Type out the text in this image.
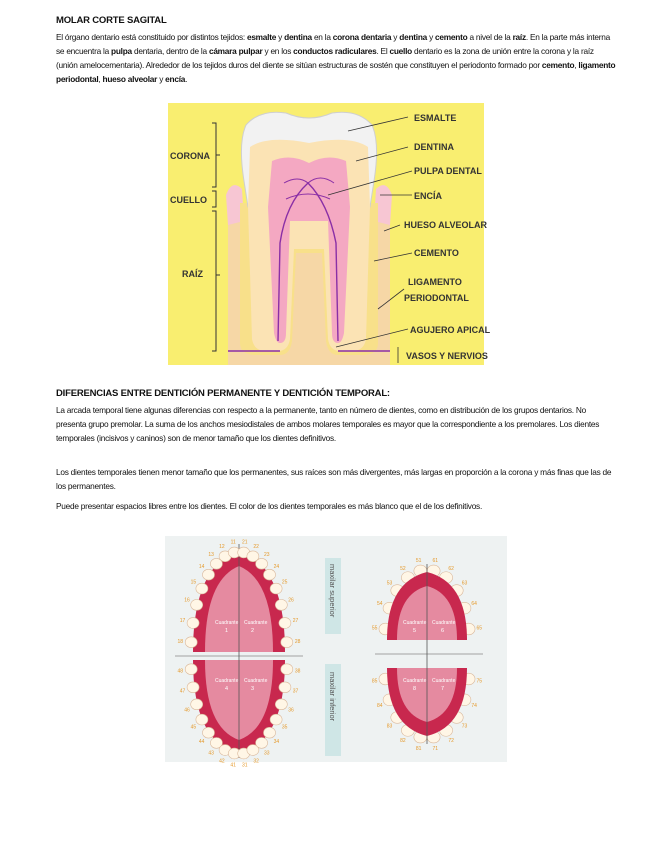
MOLAR CORTE SAGITAL
El órgano dentario está constituido por distintos tejidos: esmalte y dentina en la corona dentaria y dentina y cemento a nivel de la raíz. En la parte más interna se encuentra la pulpa dentaria, dentro de la cámara pulpar y en los conductos radiculares. El cuello dentario es la zona de unión entre la corona y la raíz (unión amelocementaria). Alrededor de los tejidos duros del diente se sitúan estructuras de sostén que constituyen el periodonto formado por cemento, ligamento periodontal, hueso alveolar y encía.
CORONA
CUELLO
RAÍZ
ESMALTE
DENTINA
PULPA DENTAL
ENCÍA
HUESO ALVEOLAR
CEMENTO
LIGAMENTO
PERIODONTAL
AGUJERO APICAL
VASOS Y NERVIOS
DIFERENCIAS ENTRE DENTICIÓN PERMANENTE Y DENTICIÓN TEMPORAL:
La arcada temporal tiene algunas diferencias con respecto a la permanente, tanto en número de dientes, como en distribución de los grupos dentarios. No presenta grupo premolar. La suma de los anchos mesiodistales de ambos molares temporales es mayor que la correspondiente a los premolares. Los dientes temporales (incisivos y caninos) son de menor tamaño que los dientes definitivos.
Los dientes temporales tienen menor tamaño que los permanentes, sus raíces son más divergentes, más largas en proporción a la corona y más finas que las de los permanentes.
Puede presentar espacios libres entre los dientes. El color de los dientes temporales es más blanco que el de los definitivos.
18
17
16
15
14
13
12
11 21
22
23
24
25
26
27
28
48
47
46
45
44
43
42
41 31
32
33
34
35
36
37
38
55
54
53
52
51 61
62
63
64
65
85
84
83
82
81 71
72
73
74
75
Cuadrante
1
Cuadrante
2
Cuadrante
4
Cuadrante
3
maxilar superior
maxilar inferior
Cuadrante
5
Cuadrante
6
Cuadrante
8
Cuadrante
7
